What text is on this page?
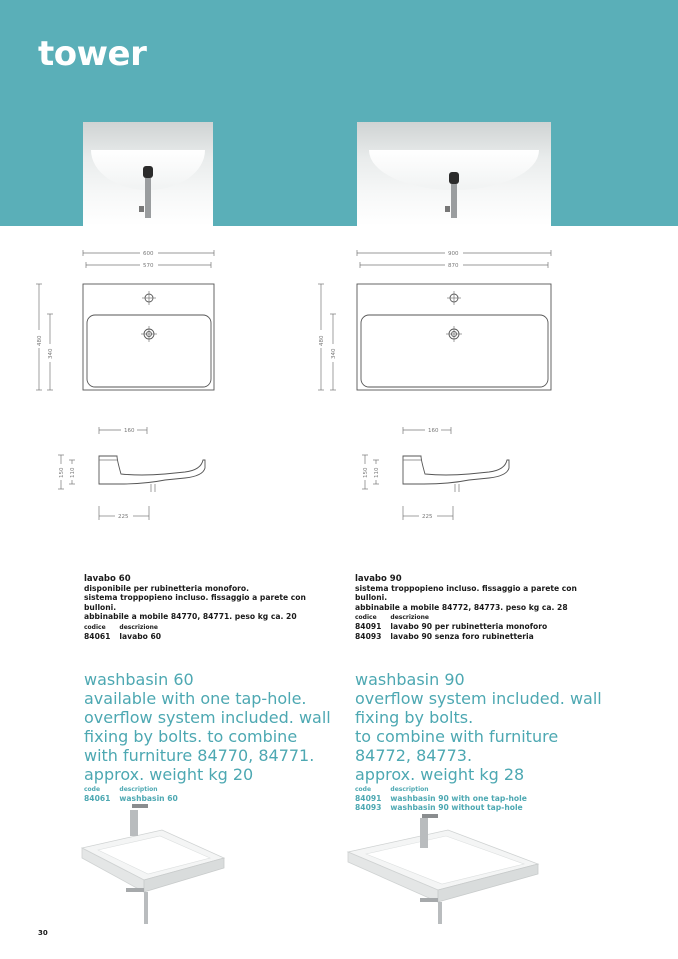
tower
600
570
480
340
900
870
480
340
160
150 110
225
160
150 110
225
lavabo 60
disponibile per rubinetteria monoforo.
sistema troppopieno incluso. fissaggio a parete con bulloni.
abbinabile a mobile 84770, 84771. peso kg ca. 20
codice	descrizione
84061	lavabo 60
lavabo 90
sistema troppopieno incluso. fissaggio a parete con bulloni.
abbinabile a mobile 84772, 84773. peso kg ca. 28
codice	descrizione
84091	lavabo 90 per rubinetteria monoforo
84093	lavabo 90 senza foro rubinetteria
washbasin 60
available with one tap-hole. overflow system included. wall
fixing by bolts. to combine with furniture 84770, 84771.
approx. weight kg 20
code	description
84061	washbasin 60
washbasin 90
overflow system included. wall fixing by bolts.
to combine with furniture 84772, 84773.
approx. weight kg 28
code	description
84091	washbasin 90 with one tap-hole
84093	washbasin 90 without tap-hole
30
